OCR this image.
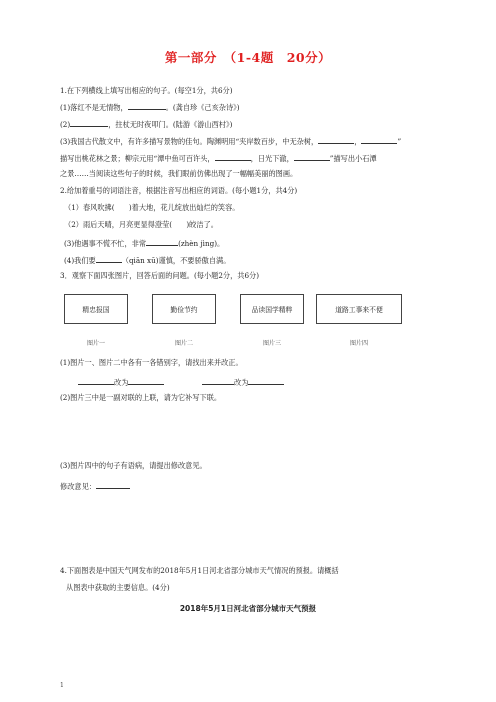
第一部分　（1-4题　20分）
1.在下列横线上填写出相应的句子。(每空1分，共6分)
(1)落红不是无情物，	。(龚自珍《己亥杂诗》)
(2)	，拄杖无时夜叩门。(陆游《游山西村》)
(3)我国古代散文中，有许多描写景物的佳句。陶渊明用“夹岸数百步，中无杂树，	，	”
描写出桃花林之景；柳宗元用“潭中鱼可百许头，	，日光下澈，	”描写出小石潭
之景……当阅读这些句子的时候，我们眼前仿佛出现了一幅幅美丽的图画。
2.给加着重号的词语注音，根据注音写出相应的词语。(每小题1分，共4分)
（1）春风吹拂(　　)着大地，花儿绽放出灿烂的笑容。
（2）雨后天晴，月亮更显得澄莹(　　)皎洁了。
(3)他遇事不慌不忙，非常	(zhèn jìng)。
(4)我们要	（qiān xū)谨慎，不要骄傲自满。
3．观察下面四张图片，回答后面的问题。(每小题2分，共6分)
精忠报国	勤俭节约	品读国学精粹	道路工事来不便
图片一	图片二	图片三	图片四
(1)图片一、图片二中各有一各错别字，请找出来并改正。
改为	改为
(2)图片三中是一副对联的上联，请为它补写下联。
(3)图片四中的句子有语病，请提出修改意见。
修改意见：
4.下面图表是中国天气网发布的2018年5月1日河北省部分城市天气情况的预报。请概括
从图表中获取的主要信息。(4分)
2018年5月1日河北省部分城市天气预报
1
